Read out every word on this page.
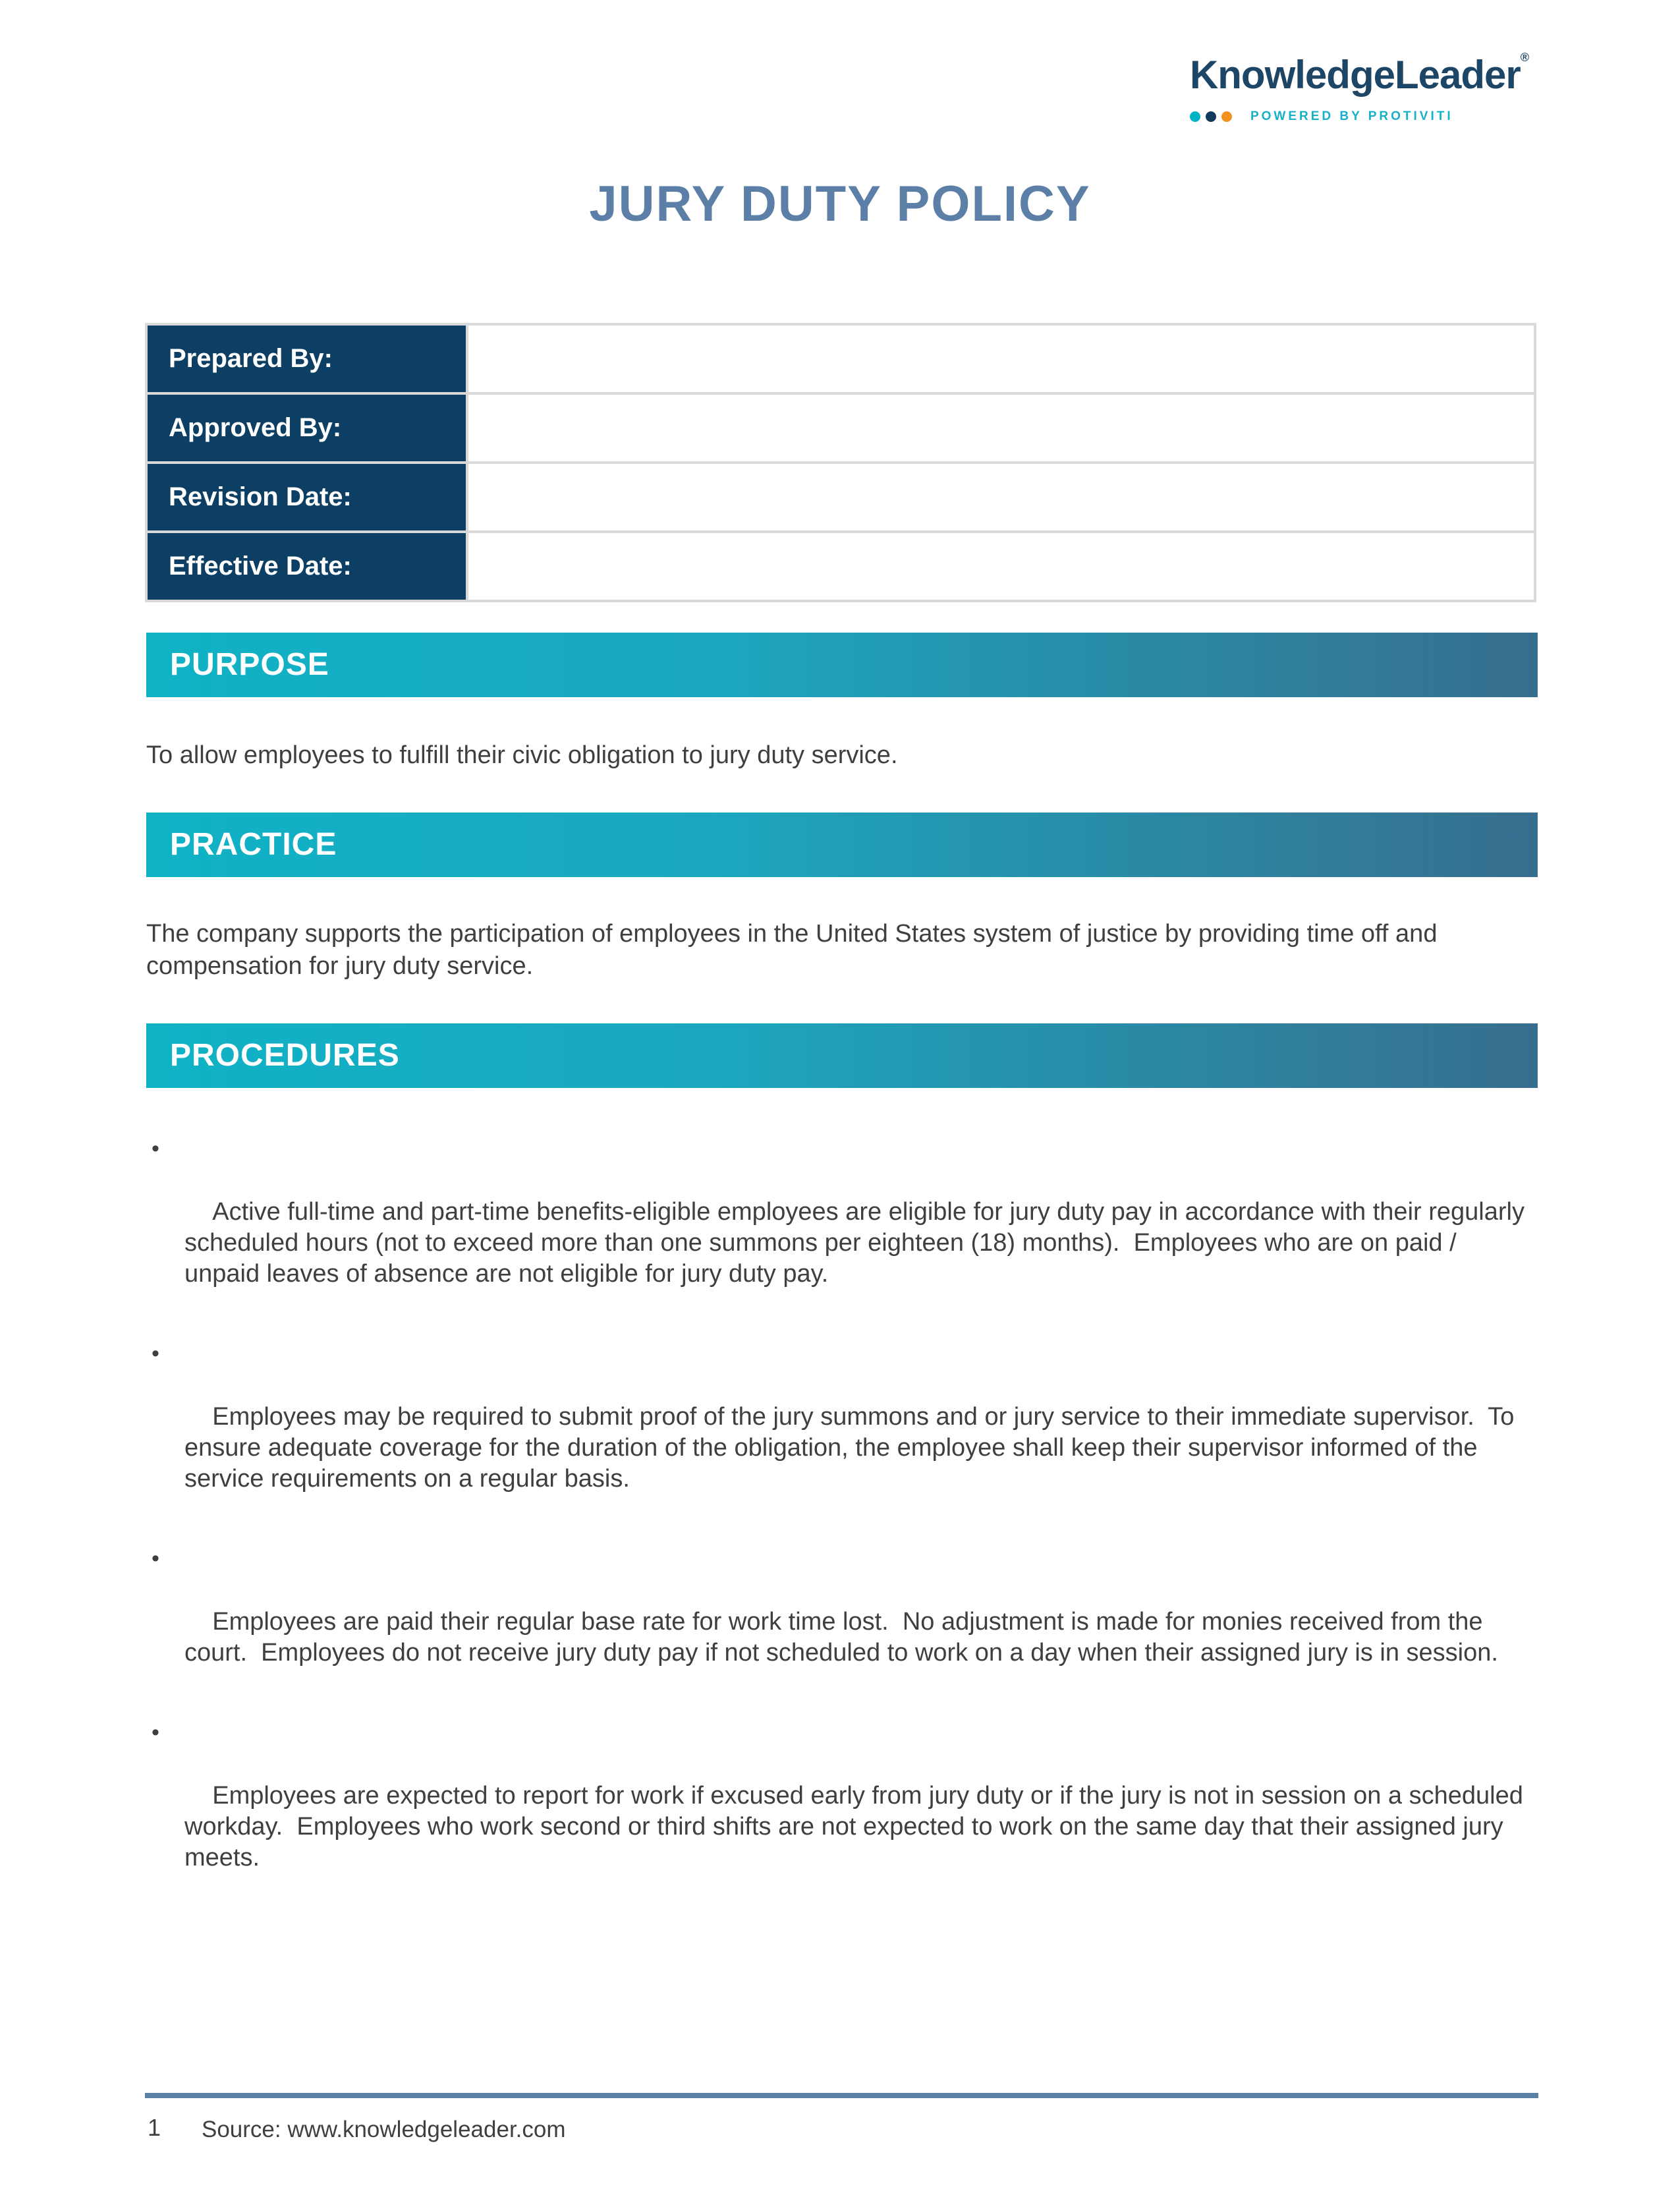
KnowledgeLeader®
POWERED BY PROTIVITI
JURY DUTY POLICY
Prepared By:	
Approved By:	
Revision Date:	
Effective Date:	
PURPOSE
To allow employees to fulfill their civic obligation to jury duty service.
PRACTICE
The company supports the participation of employees in the United States system of justice by providing time off and compensation for jury duty service.
PROCEDURES

•

Active full-time and part-time benefits-eligible employees are eligible for jury duty pay in accordance with their regularly scheduled hours (not to exceed more than one summons per eighteen (18) months).  Employees who are on paid / unpaid leaves of absence are not eligible for jury duty pay.

•

Employees may be required to submit proof of the jury summons and or jury service to their immediate supervisor.  To ensure adequate coverage for the duration of the obligation, the employee shall keep their supervisor informed of the service requirements on a regular basis.

•

Employees are paid their regular base rate for work time lost.  No adjustment is made for monies received from the court.  Employees do not receive jury duty pay if not scheduled to work on a day when their assigned jury is in session.

•

Employees are expected to report for work if excused early from jury duty or if the jury is not in session on a scheduled workday.  Employees who work second or third shifts are not expected to work on the same day that their assigned jury meets.

1 Source: www.knowledgeleader.com
